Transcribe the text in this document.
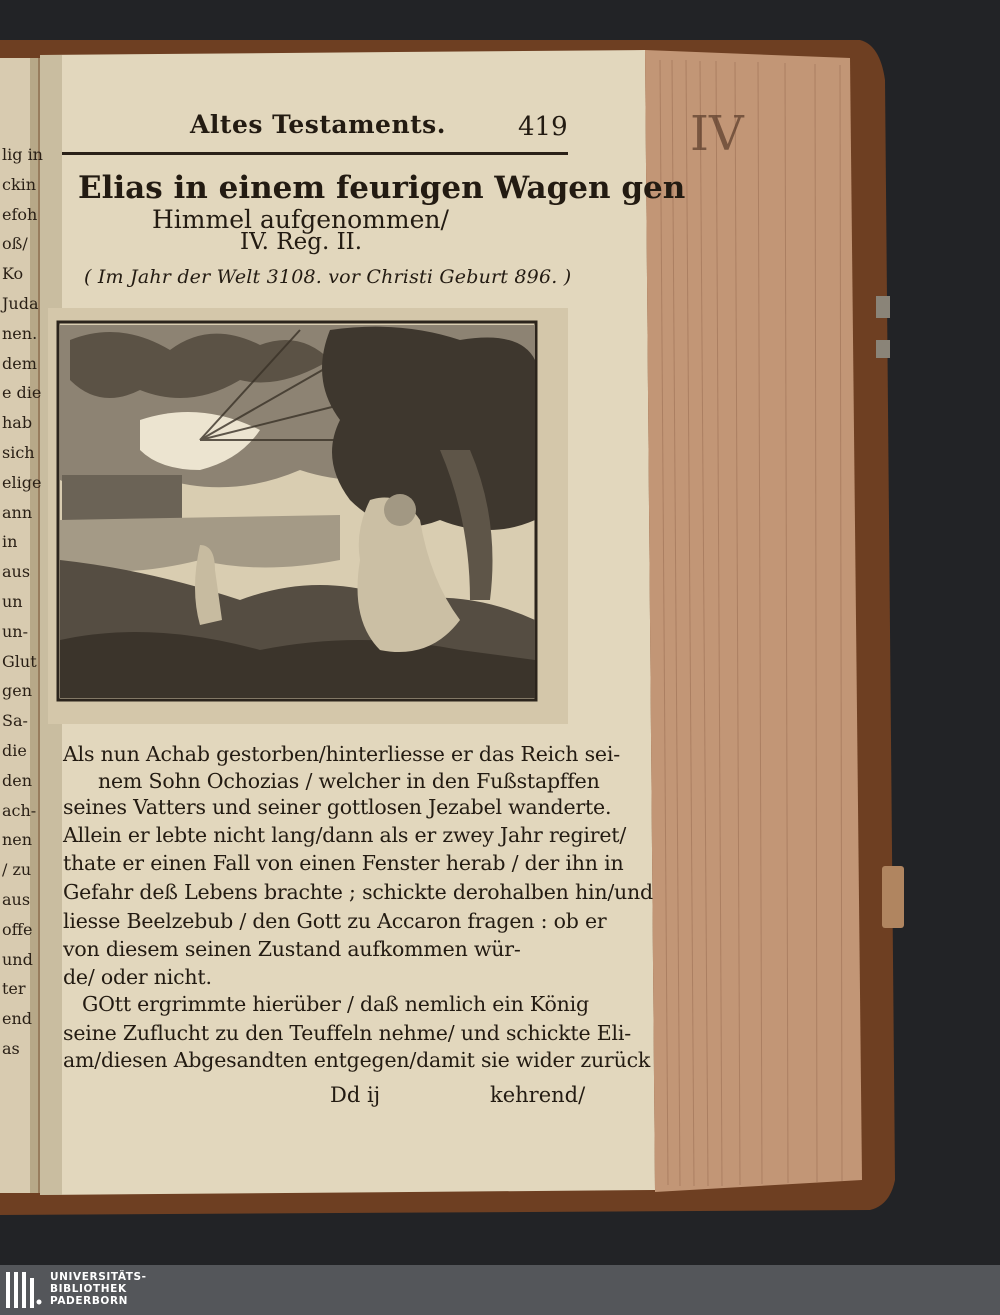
IV
Altes Testaments.	419
Elias in einem feurigen Wagen gen
Himmel aufgenommen/
IV. Reg. II.
( Im Jahr der Welt 3108. vor Christi Geburt 896. )
Als nun Achab gestorben/hinterliesse er das Reich sei-
nem Sohn Ochozias / welcher in den Fußstapffen
seines Vatters und seiner gottlosen Jezabel wanderte.
Allein er lebte nicht lang/dann als er zwey Jahr regiret/
thate er einen Fall von einen Fenster herab / der ihn in
Gefahr deß Lebens brachte ; schickte derohalben hin/und
liesse Beelzebub / den Gott zu Accaron fragen : ob er
von diesem seinen Zustand aufkommen wür-
de/ oder nicht.
GOtt ergrimmte hierüber / daß nemlich ein König
seine Zuflucht zu den Teuffeln nehme/ und schickte Eli-
am/diesen Abgesandten entgegen/damit sie wider zurück
Dd ij	kehrend/
lig in
ckin
efoh
oß/
Ko
Juda
nen.
dem
e die
hab
sich
elige
ann
in
aus
un
un-
Glut
gen
Sa-
die
den
ach-
nen
/ zu
aus
offe
und
ter
end
as
UNIVERSITÄTS-
BIBLIOTHEK
PADERBORN
